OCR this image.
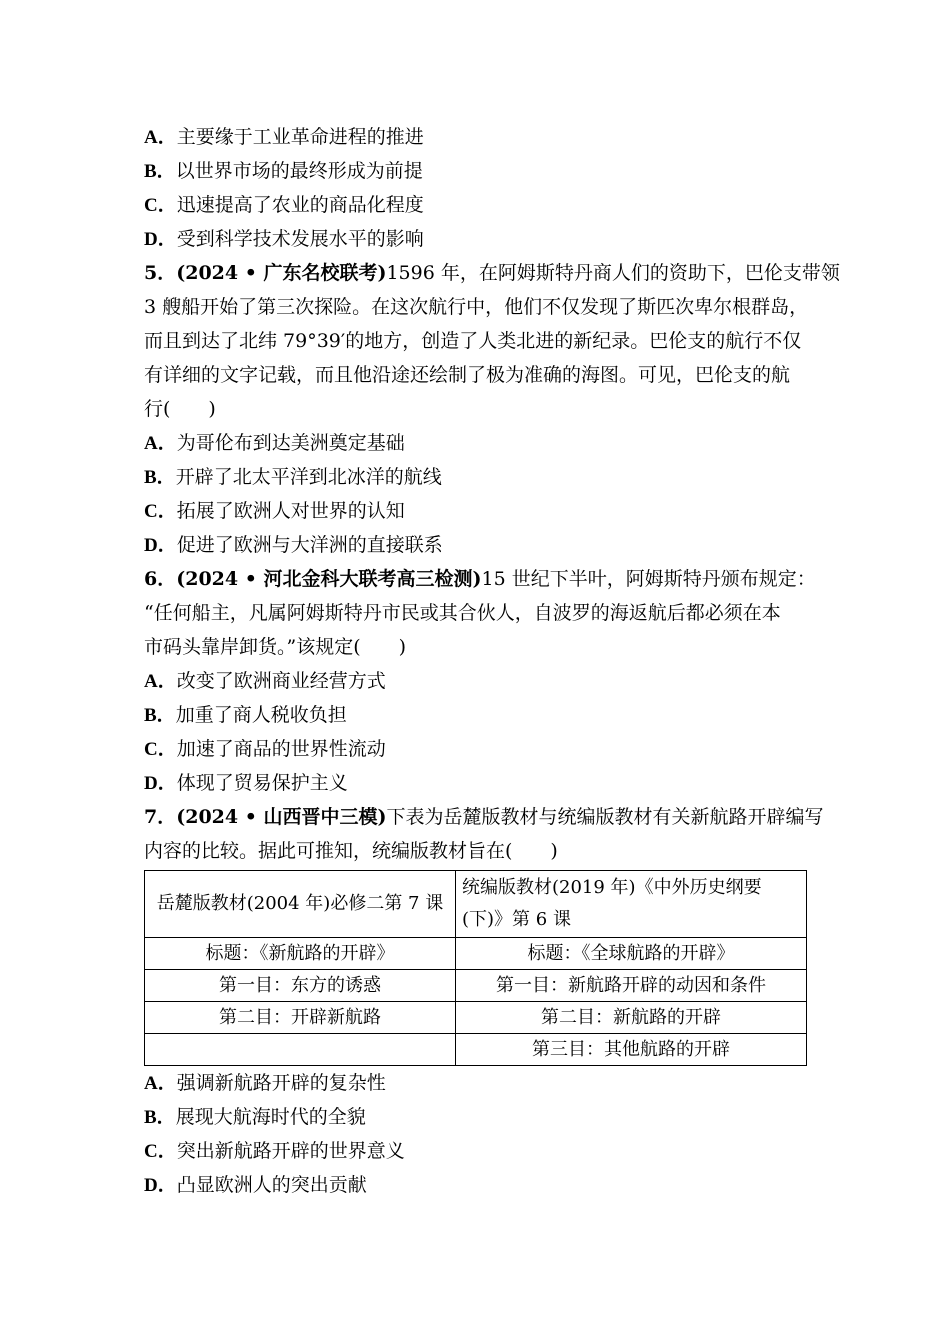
A．主要缘于工业革命进程的推进
B．以世界市场的最终形成为前提
C．迅速提高了农业的商品化程度
D．受到科学技术发展水平的影响
5．(2024 • 广东名校联考)1596 年，在阿姆斯特丹商人们的资助下，巴伦支带领
3 艘船开始了第三次探险。在这次航行中，他们不仅发现了斯匹次卑尔根群岛，
而且到达了北纬 79°39′的地方，创造了人类北进的新纪录。巴伦支的航行不仅
有详细的文字记载，而且他沿途还绘制了极为准确的海图。可见，巴伦支的航
行(　　)
A．为哥伦布到达美洲奠定基础
B．开辟了北太平洋到北冰洋的航线
C．拓展了欧洲人对世界的认知
D．促进了欧洲与大洋洲的直接联系
6．(2024 • 河北金科大联考高三检测)15 世纪下半叶，阿姆斯特丹颁布规定：
“任何船主，凡属阿姆斯特丹市民或其合伙人，自波罗的海返航后都必须在本
市码头靠岸卸货。”该规定(　　)
A．改变了欧洲商业经营方式
B．加重了商人税收负担
C．加速了商品的世界性流动
D．体现了贸易保护主义
7．(2024 • 山西晋中三模)下表为岳麓版教材与统编版教材有关新航路开辟编写
内容的比较。据此可推知，统编版教材旨在(　　)
岳麓版教材(2004 年)必修二第 7 课	统编版教材(2019 年)《中外历史纲要
(下)》第 6 课

标题：《新航路的开辟》	标题：《全球航路的开辟》
第一目：东方的诱惑	第一目：新航路开辟的动因和条件
第二目：开辟新航路	第二目：新航路的开辟
	第三目：其他航路的开辟
A．强调新航路开辟的复杂性
B．展现大航海时代的全貌
C．突出新航路开辟的世界意义
D．凸显欧洲人的突出贡献
